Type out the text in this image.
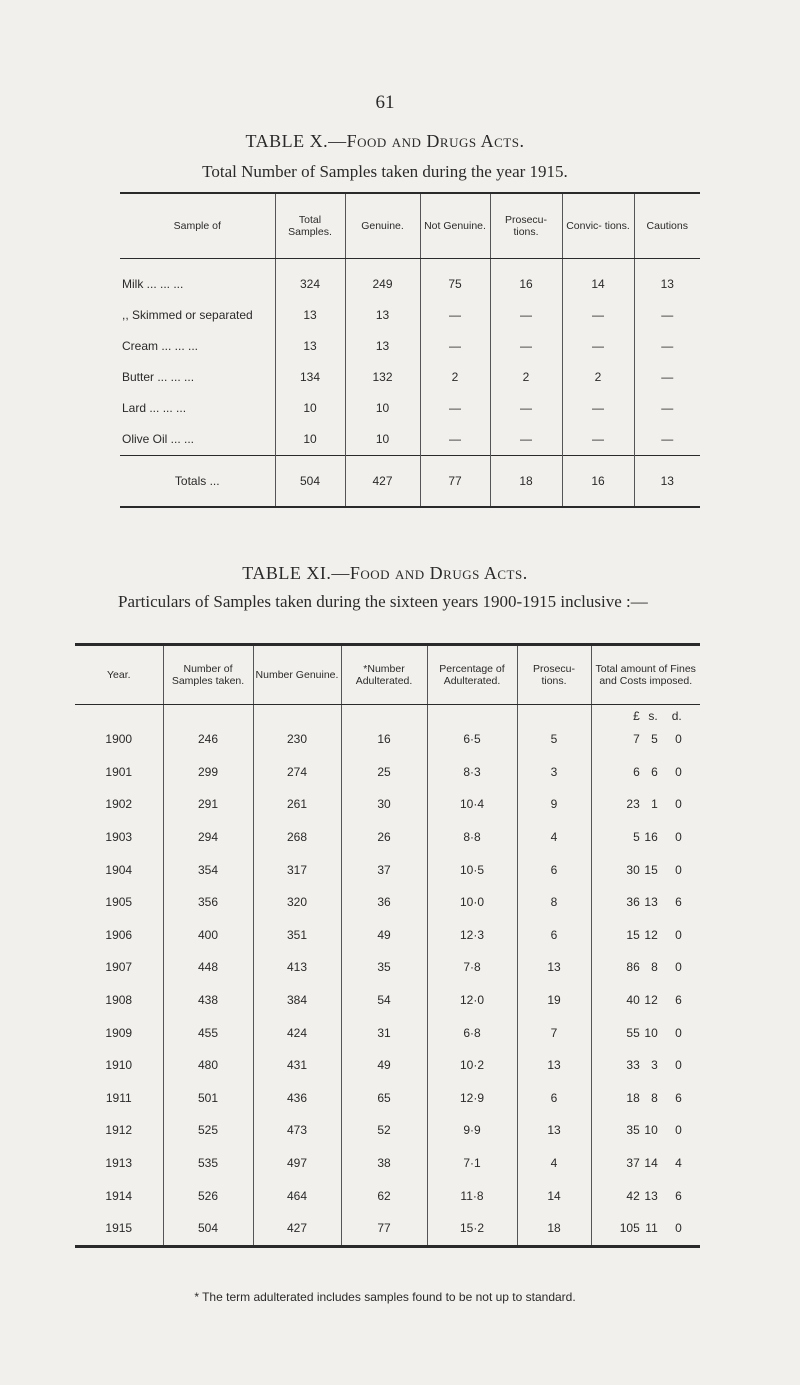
61
TABLE X.—Food and Drugs Acts.
Total Number of Samples taken during the year 1915.
Sample of	Total Samples.	Genuine.	Not Genuine.	Prosecu- tions.	Convic- tions.	Cautions

Milk ... ... ...	324	249	75	16	14	13
,, Skimmed or separated	13	13	—	—	—	—
Cream ... ... ...	13	13	—	—	—	—
Butter ... ... ...	134	132	2	2	2	—
Lard ... ... ...	10	10	—	—	—	—
Olive Oil ... ...	10	10	—	—	—	—
Totals ...	504	427	77	18	16	13
TABLE XI.—Food and Drugs Acts.
Particulars of Samples taken during the sixteen years 1900-1915 inclusive :—
Year.	Number of Samples taken.	Number Genuine.	*Number Adulterated.	Percentage of Adulterated.	Prosecu- tions.	Total amount of Fines and Costs imposed.
						£ s. d.
1900	246	230	16	6·5	5	7 5 0
1901	299	274	25	8·3	3	6 6 0
1902	291	261	30	10·4	9	23 1 0
1903	294	268	26	8·8	4	5 16 0
1904	354	317	37	10·5	6	30 15 0
1905	356	320	36	10·0	8	36 13 6
1906	400	351	49	12·3	6	15 12 0
1907	448	413	35	7·8	13	86 8 0
1908	438	384	54	12·0	19	40 12 6
1909	455	424	31	6·8	7	55 10 0
1910	480	431	49	10·2	13	33 3 0
1911	501	436	65	12·9	6	18 8 6
1912	525	473	52	9·9	13	35 10 0
1913	535	497	38	7·1	4	37 14 4
1914	526	464	62	11·8	14	42 13 6
1915	504	427	77	15·2	18	105 11 0
* The term adulterated includes samples found to be not up to standard.
